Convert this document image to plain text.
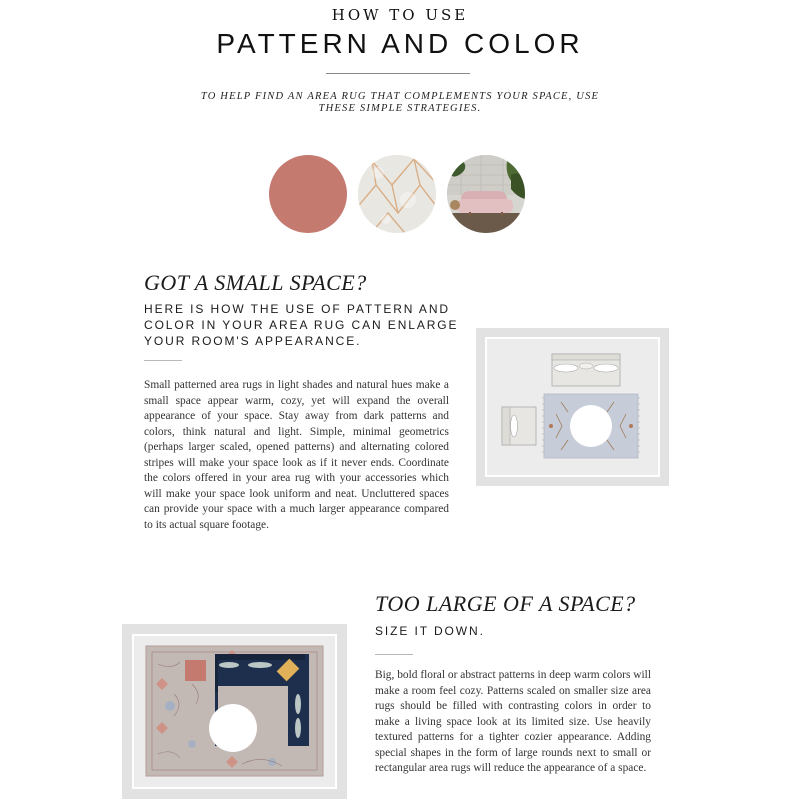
HOW TO USE
PATTERN AND COLOR
TO HELP FIND AN AREA RUG THAT COMPLEMENTS YOUR SPACE, USE THESE SIMPLE STRATEGIES.
GOT A SMALL SPACE?
HERE IS HOW THE USE OF PATTERN AND COLOR IN YOUR AREA RUG CAN ENLARGE YOUR ROOM'S APPEARANCE.
Small patterned area rugs in light shades and natural hues make a small space appear warm, cozy, yet will expand the overall appearance of your space. Stay away from dark patterns and colors, think natural and light. Simple, minimal geometrics (perhaps larger scaled, opened patterns) and alternating colored stripes will make your space look as if it never ends. Coordinate the colors offered in your area rug with your accessories which will make your space look uniform and neat. Uncluttered spaces can provide your space with a much larger appearance compared to its actual square footage.
TOO LARGE OF A SPACE?
SIZE IT DOWN.
Big, bold floral or abstract patterns in deep warm colors will make a room feel cozy. Patterns scaled on smaller size area rugs should be filled with contrasting colors in order to make a living space look at its limited size. Use heavily textured patterns for a tighter cozier appearance. Adding special shapes in the form of large rounds next to small or rectangular area rugs will reduce the appearance of a space.
